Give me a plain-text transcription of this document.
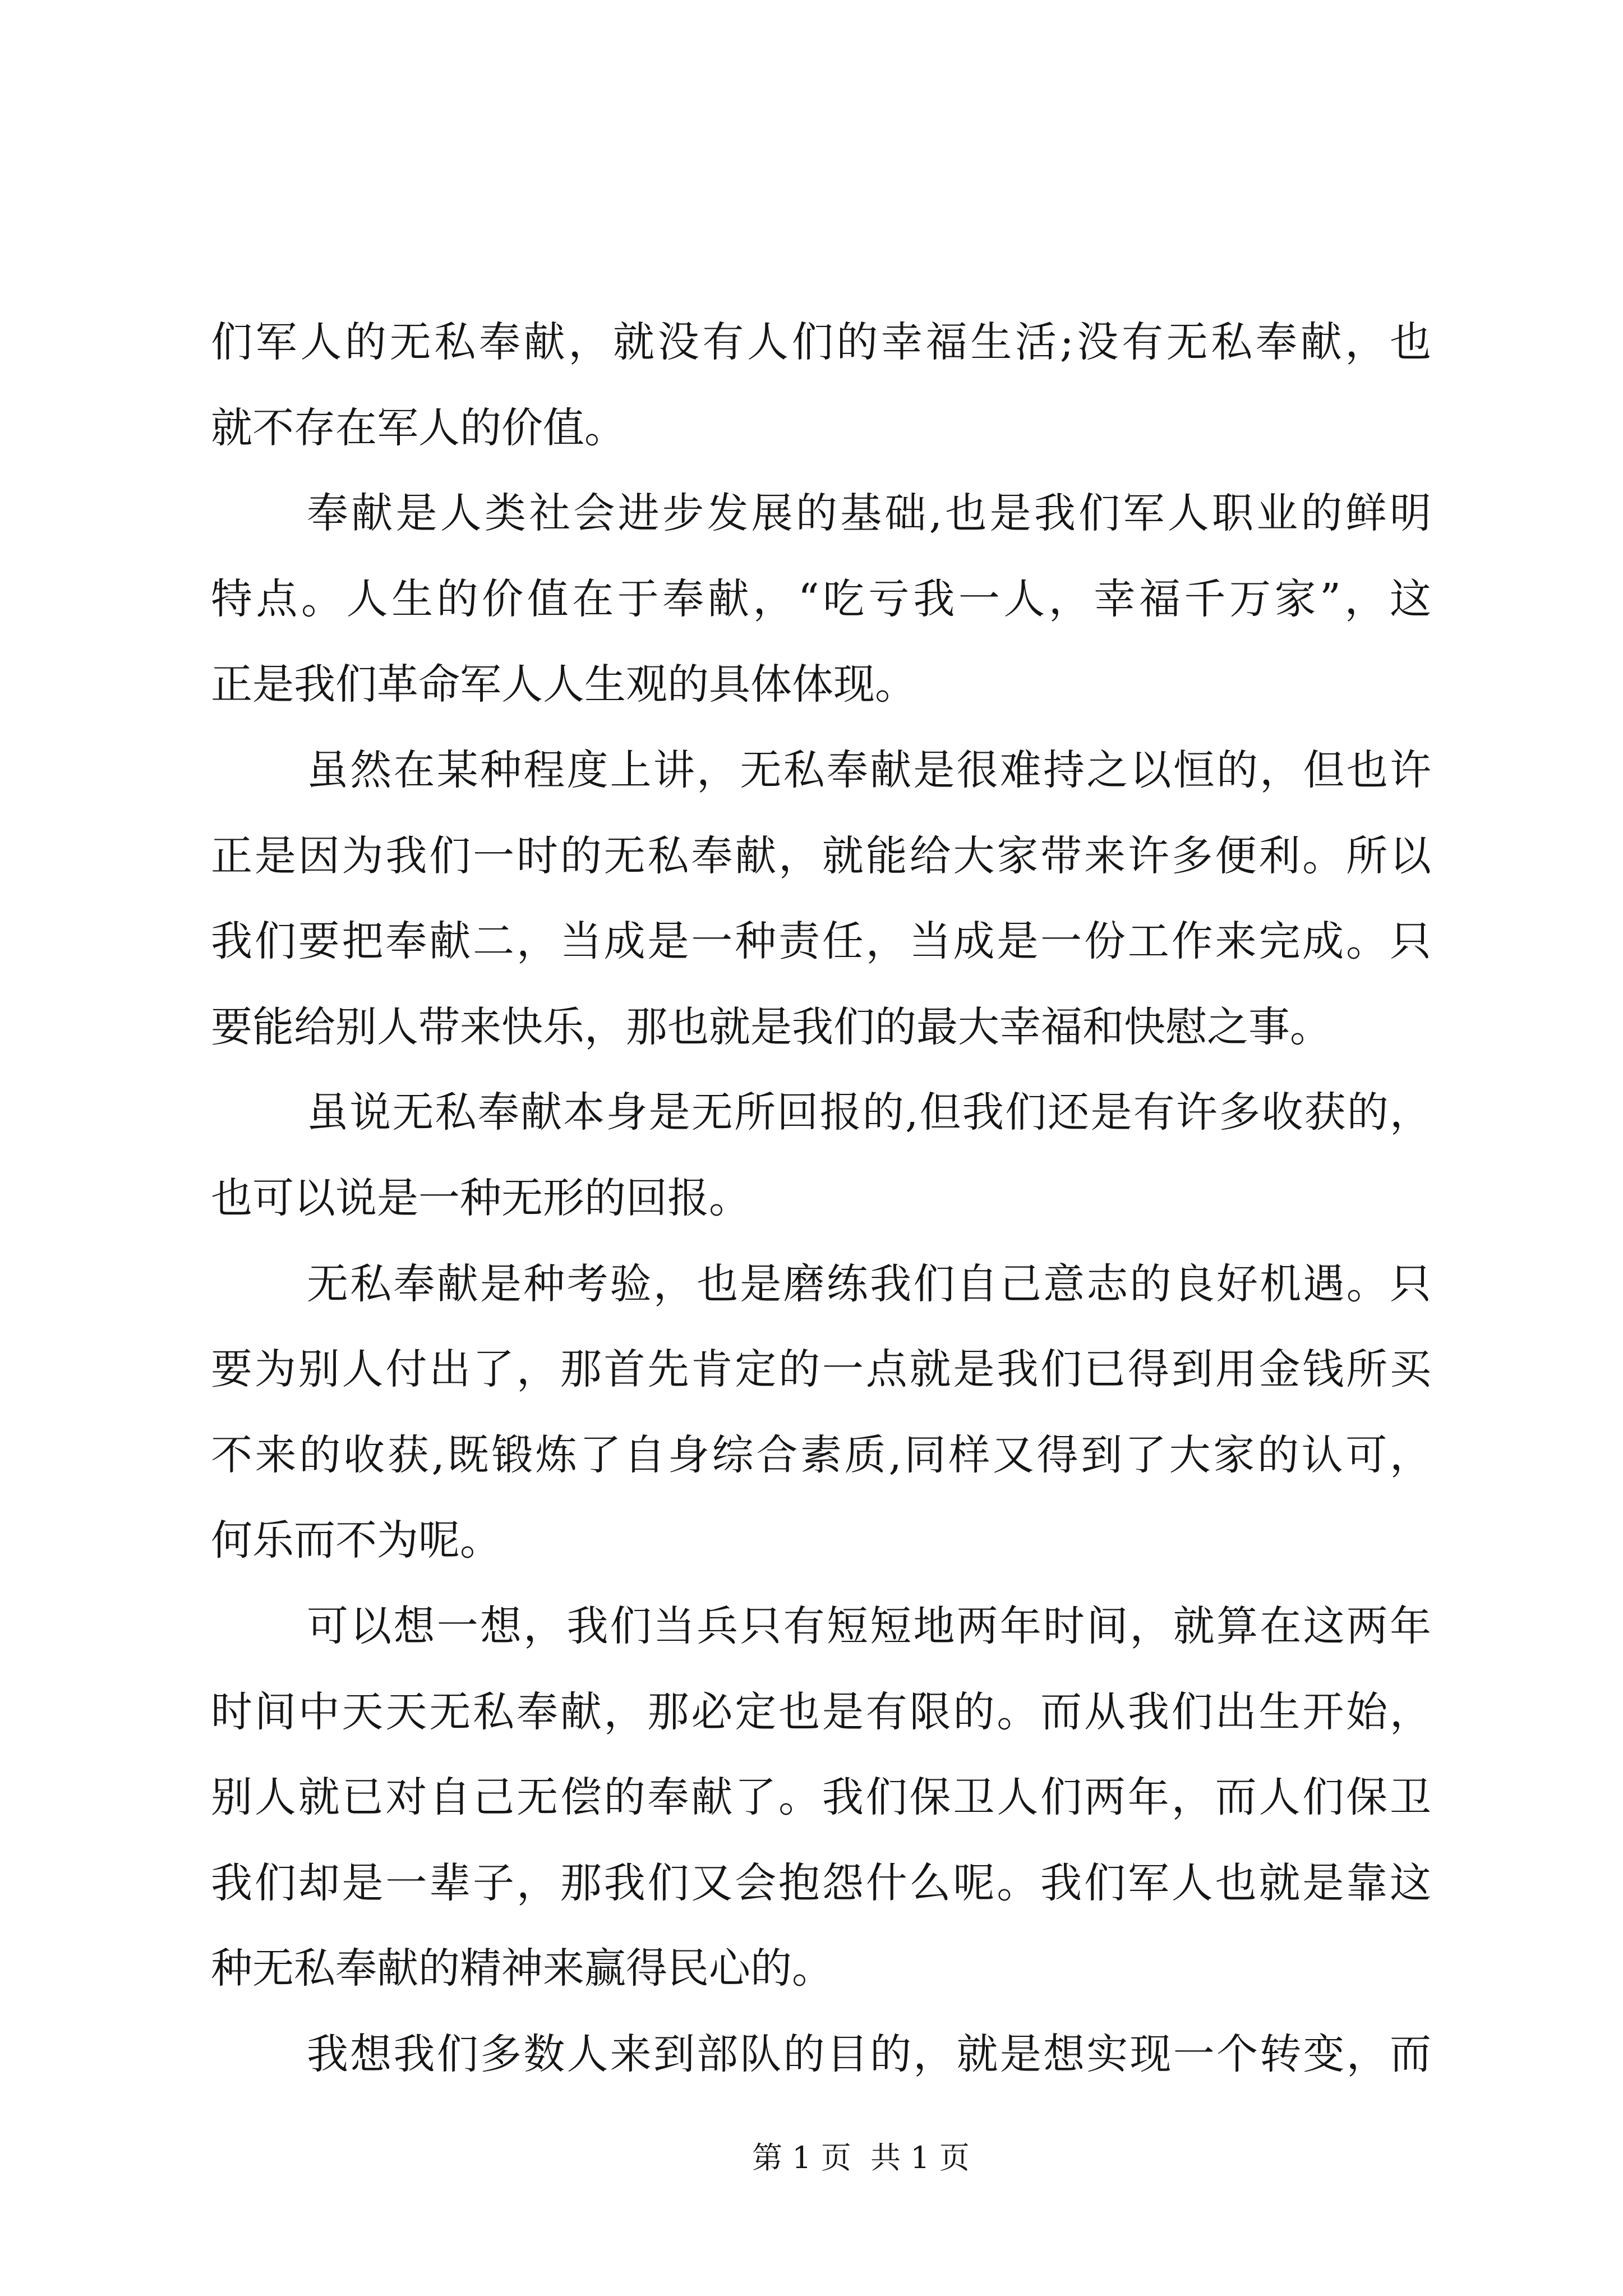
们军人的无私奉献，就没有人们的幸福生活;没有无私奉献，也
就不存在军人的价值。
奉献是人类社会进步发展的基础,也是我们军人职业的鲜明
特点。人生的价值在于奉献，“吃亏我一人，幸福千万家”，这
正是我们革命军人人生观的具体体现。
虽然在某种程度上讲，无私奉献是很难持之以恒的，但也许
正是因为我们一时的无私奉献，就能给大家带来许多便利。所以
我们要把奉献二，当成是一种责任，当成是一份工作来完成。只
要能给别人带来快乐，那也就是我们的最大幸福和快慰之事。
虽说无私奉献本身是无所回报的,但我们还是有许多收获的，
也可以说是一种无形的回报。
无私奉献是种考验，也是磨练我们自己意志的良好机遇。只
要为别人付出了，那首先肯定的一点就是我们已得到用金钱所买
不来的收获,既锻炼了自身综合素质,同样又得到了大家的认可，
何乐而不为呢。
可以想一想，我们当兵只有短短地两年时间，就算在这两年
时间中天天无私奉献，那必定也是有限的。而从我们出生开始，
别人就已对自己无偿的奉献了。我们保卫人们两年，而人们保卫
我们却是一辈子，那我们又会抱怨什么呢。我们军人也就是靠这
种无私奉献的精神来赢得民心的。
我想我们多数人来到部队的目的，就是想实现一个转变，而
第 1 页  共 1 页
